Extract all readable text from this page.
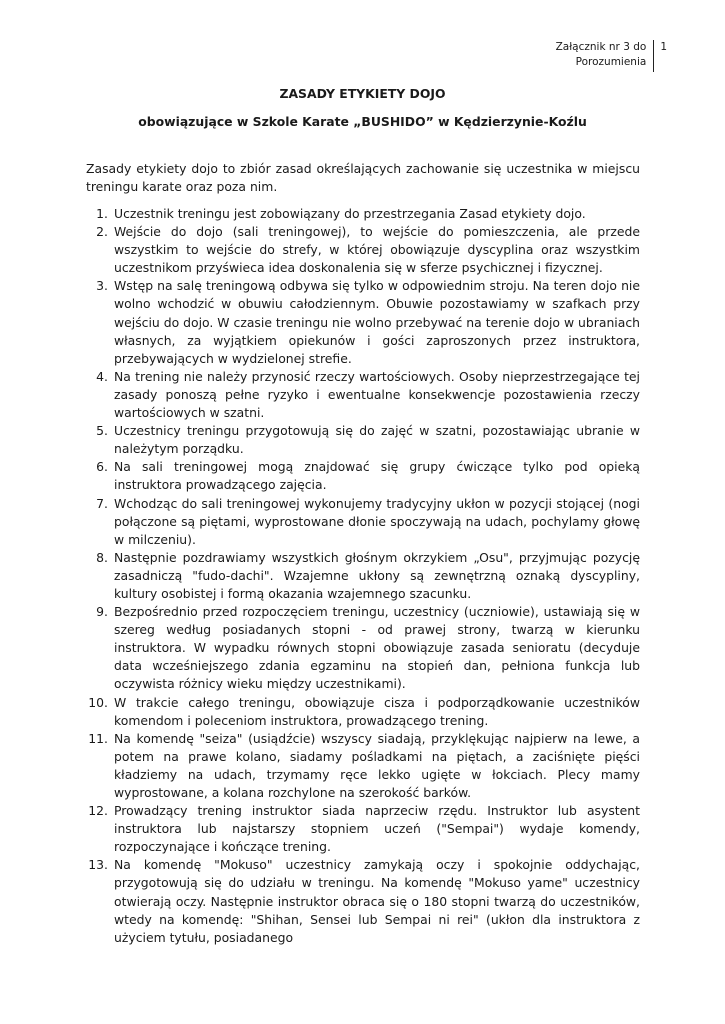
Załącznik nr 3 do
Porozumienia
1
ZASADY ETYKIETY DOJO
obowiązujące w Szkole Karate „BUSHIDO” w Kędzierzynie-Koźlu
Zasady etykiety dojo to zbiór zasad określających zachowanie się uczestnika w miejscu treningu karate oraz poza nim.
1. Uczestnik treningu jest zobowiązany do przestrzegania Zasad etykiety dojo.
2. Wejście do dojo (sali treningowej), to wejście do pomieszczenia, ale przede wszystkim to wejście do strefy, w której obowiązuje dyscyplina oraz wszystkim uczestnikom przyświeca idea doskonalenia się w sferze psychicznej i fizycznej.
3. Wstęp na salę treningową odbywa się tylko w odpowiednim stroju. Na teren dojo nie wolno wchodzić w obuwiu całodziennym. Obuwie pozostawiamy w szafkach przy wejściu do dojo. W czasie treningu nie wolno przebywać na terenie dojo w ubraniach własnych, za wyjątkiem opiekunów i gości zaproszonych przez instruktora, przebywających w wydzielonej strefie.
4. Na trening nie należy przynosić rzeczy wartościowych. Osoby nieprzestrzegające tej zasady ponoszą pełne ryzyko i ewentualne konsekwencje pozostawienia rzeczy wartościowych w szatni.
5. Uczestnicy treningu przygotowują się do zajęć w szatni, pozostawiając ubranie w należytym porządku.
6. Na sali treningowej mogą znajdować się grupy ćwiczące tylko pod opieką instruktora prowadzącego zajęcia.
7. Wchodząc do sali treningowej wykonujemy tradycyjny ukłon w pozycji stojącej (nogi połączone są piętami, wyprostowane dłonie spoczywają na udach, pochylamy głowę w milczeniu).
8. Następnie pozdrawiamy wszystkich głośnym okrzykiem „Osu", przyjmując pozycję zasadniczą "fudo-dachi". Wzajemne ukłony są zewnętrzną oznaką dyscypliny, kultury osobistej i formą okazania wzajemnego szacunku.
9. Bezpośrednio przed rozpoczęciem treningu, uczestnicy (uczniowie), ustawiają się w szereg według posiadanych stopni - od prawej strony, twarzą w kierunku instruktora. W wypadku równych stopni obowiązuje zasada senioratu (decyduje data wcześniejszego zdania egzaminu na stopień dan, pełniona funkcja lub oczywista różnicy wieku między uczestnikami).
10. W trakcie całego treningu, obowiązuje cisza i podporządkowanie uczestników komendom i poleceniom instruktora, prowadzącego trening.
11. Na komendę "seiza" (usiądźcie) wszyscy siadają, przyklękując najpierw na lewe, a potem na prawe kolano, siadamy pośladkami na piętach, a zaciśnięte pięści kładziemy na udach, trzymamy ręce lekko ugięte w łokciach. Plecy mamy wyprostowane, a kolana rozchylone na szerokość barków.
12. Prowadzący trening instruktor siada naprzeciw rzędu. Instruktor lub asystent instruktora lub najstarszy stopniem uczeń ("Sempai") wydaje komendy, rozpoczynające i kończące trening.
13. Na komendę "Mokuso" uczestnicy zamykają oczy i spokojnie oddychając, przygotowują się do udziału w treningu. Na komendę "Mokuso yame" uczestnicy otwierają oczy. Następnie instruktor obraca się o 180 stopni twarzą do uczestników, wtedy na komendę: "Shihan, Sensei lub Sempai ni rei" (ukłon dla instruktora z użyciem tytułu, posiadanego
